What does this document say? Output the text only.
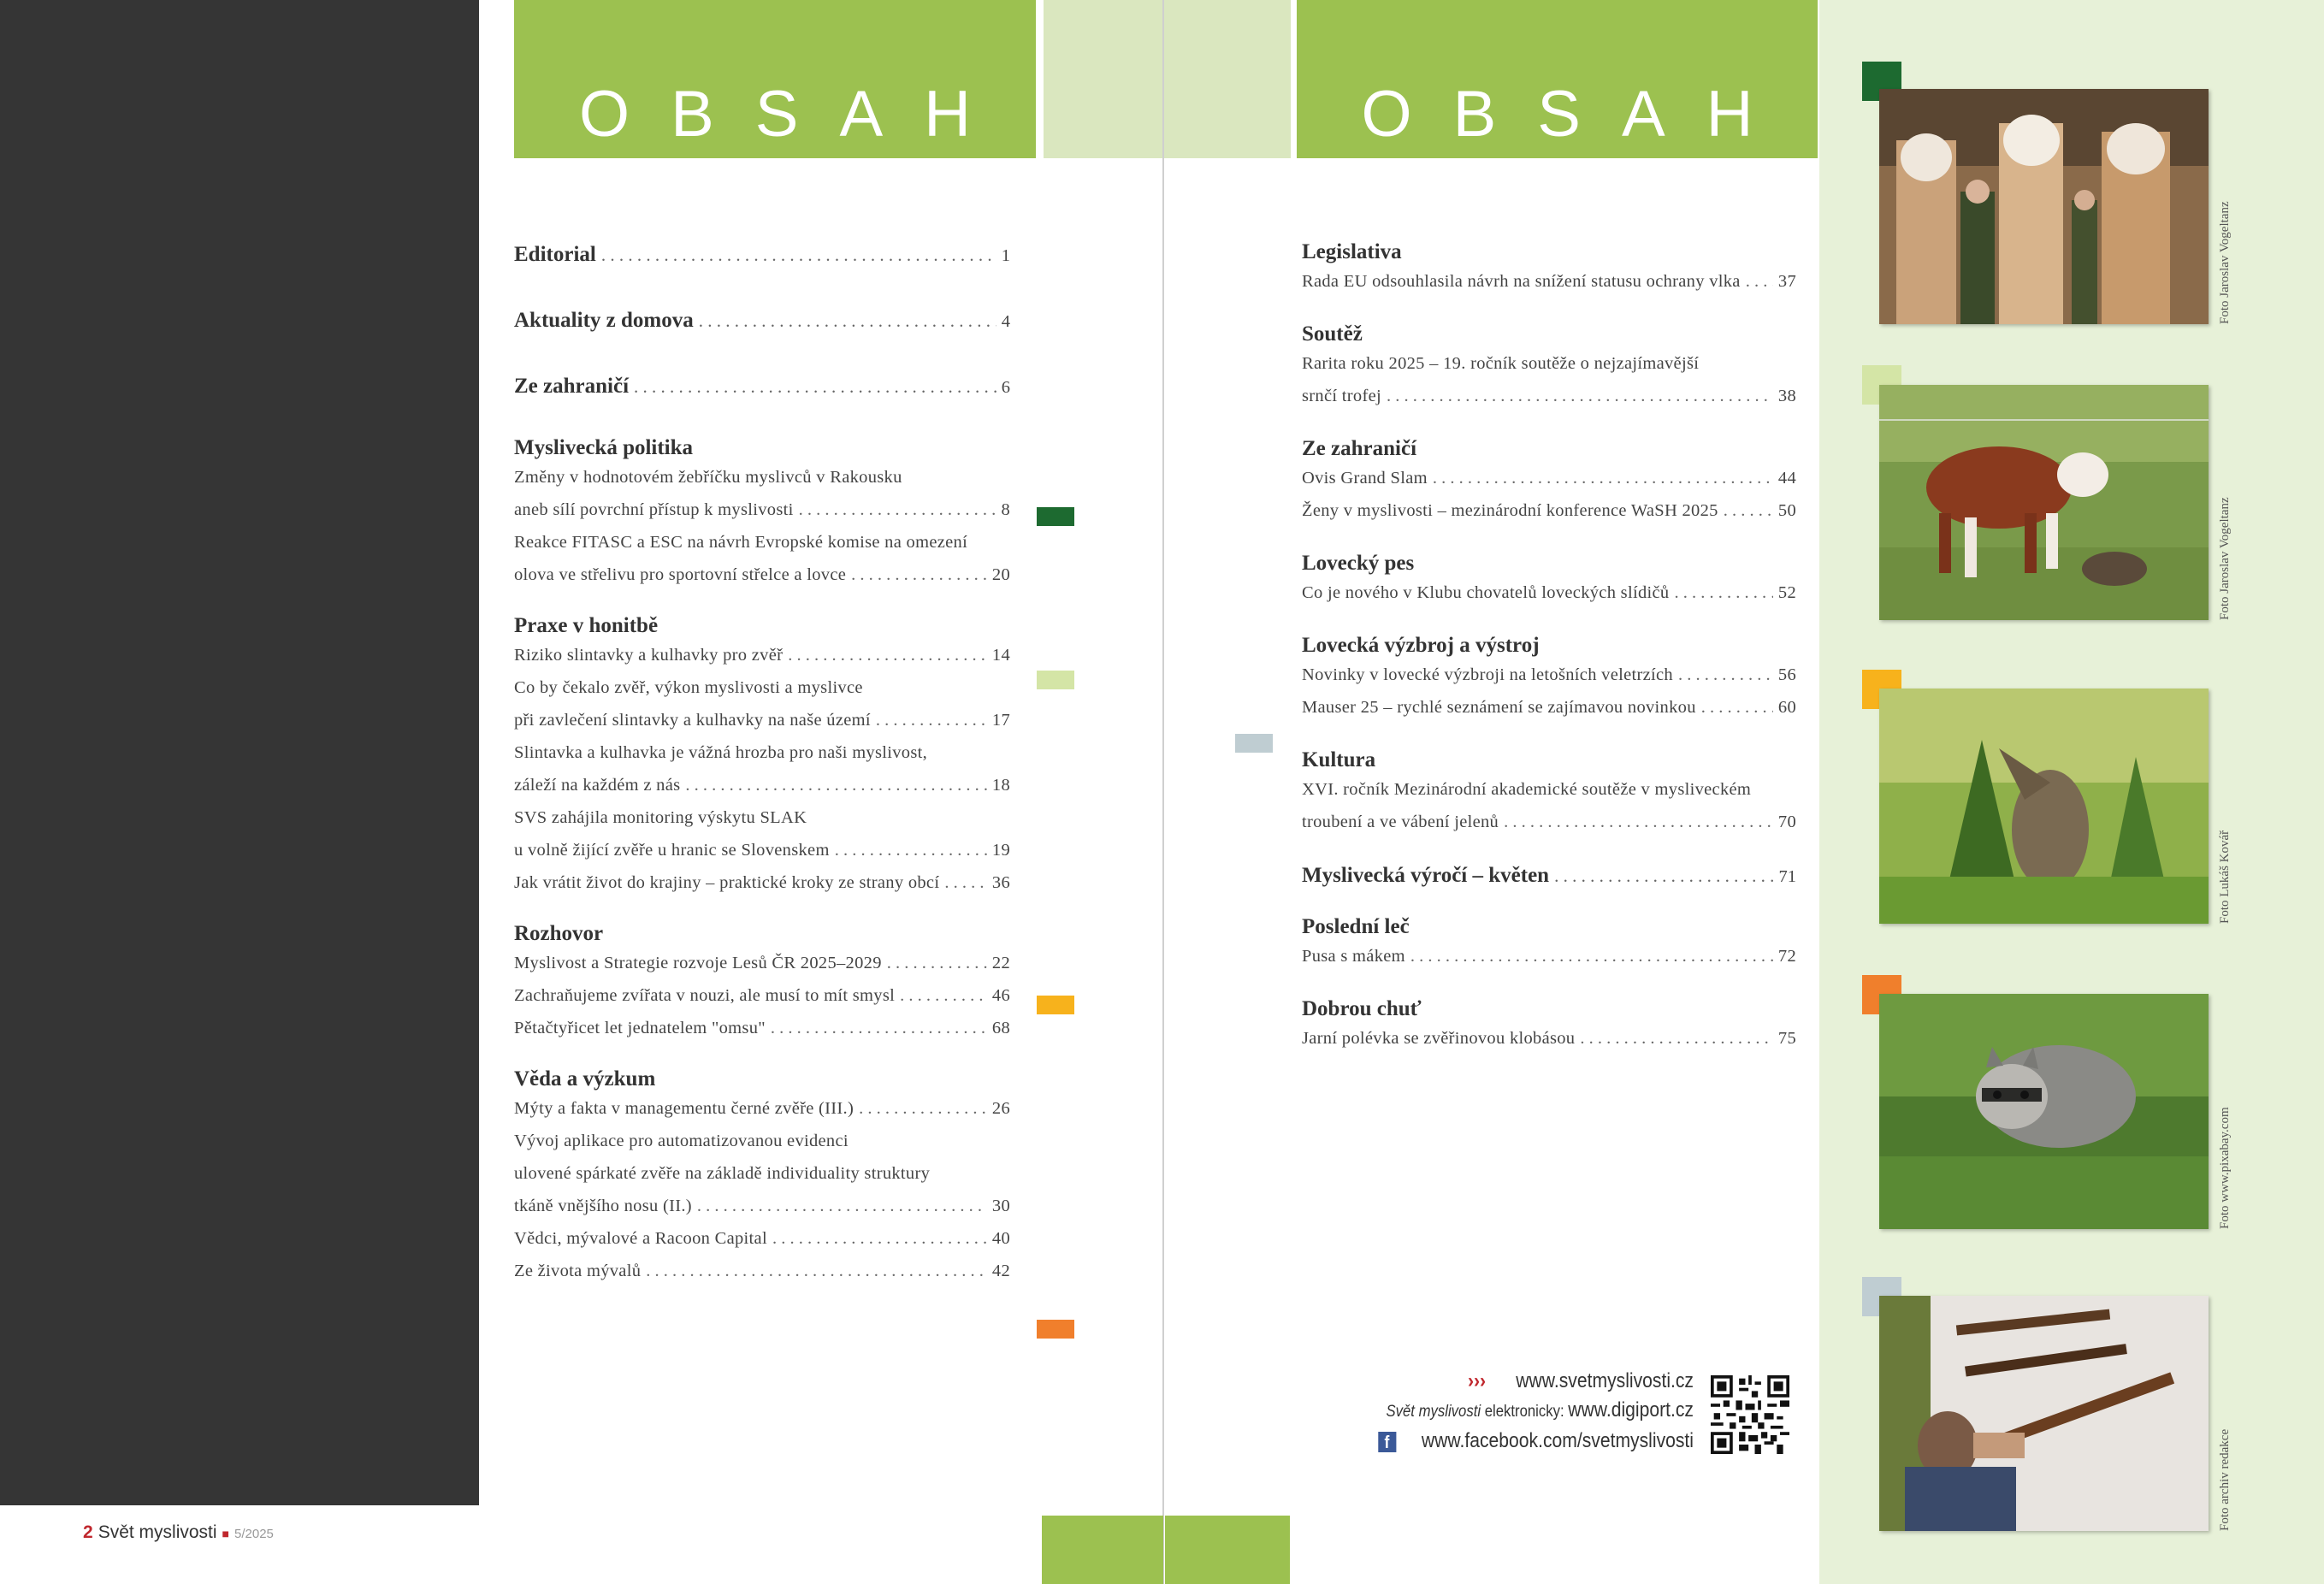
2 Svět myslivosti ■ 5/2025
OBSAH	OBSAH
Editorial . . .	1
Aktuality z domova . . .	4
Ze zahraničí . . .	6
Myslivecká politika
Změny v hodnotovém žebříčku myslivců v Rakousku
aneb sílí povrchní přístup k myslivosti . . .	8
Reakce FITASC a ESC na návrh Evropské komise na omezení
olova ve střelivu pro sportovní střelce a lovce . . .	20
Praxe v honitbě
Riziko slintavky a kulhavky pro zvěř . . .	14
Co by čekalo zvěř, výkon myslivosti a myslivce
při zavlečení slintavky a kulhavky na naše území . . .	17
Slintavka a kulhavka je vážná hrozba pro naši myslivost,
záleží na každém z nás . . .	18
SVS zahájila monitoring výskytu SLAK
u volně žijící zvěře u hranic se Slovenskem . . .	19
Jak vrátit život do krajiny – praktické kroky ze strany obcí . . .	36
Rozhovor
Myslivost a Strategie rozvoje Lesů ČR 2025–2029 . . .	22
Zachraňujeme zvířata v nouzi, ale musí to mít smysl . . .	46
Pětačtyřicet let jednatelem "omsu" . . .	68
Věda a výzkum
Mýty a fakta v managementu černé zvěře (III.) . . .	26
Vývoj aplikace pro automatizovanou evidenci
ulovené spárkaté zvěře na základě individuality struktury
tkáně vnějšího nosu (II.) . . .	30
Vědci, mývalové a Racoon Capital . . .	40
Ze života mývalů . . .	42
Legislativa
Rada EU odsouhlasila návrh na snížení statusu ochrany vlka . . . 37
Soutěž
Rarita roku 2025 – 19. ročník soutěže o nejzajímavější
srnčí trofej . . .	38
Ze zahraničí
Ovis Grand Slam . . .	44
Ženy v myslivosti – mezinárodní konference WaSH 2025 . . .	50
Lovecký pes
Co je nového v Klubu chovatelů loveckých slídičů . . .	52
Lovecká výzbroj a výstroj
Novinky v lovecké výzbroji na letošních veletrzích . . .	56
Mauser 25 – rychlé seznámení se zajímavou novinkou . . .	60
Kultura
XVI. ročník Mezinárodní akademické soutěže v mysliveckém
troubení a ve vábení jelenů . . .	70
Myslivecká výročí – květen . . .	71
Poslední leč
Pusa s mákem . . .	72
Dobrou chuť
Jarní polévka se zvěřinovou klobásou . . .	75
››› www.svetmyslivosti.cz
Svět myslivosti elektronicky: www.digiport.cz
f www.facebook.com/svetmyslivosti
Foto Jaroslav Vogeltanz
Foto Jaroslav Vogeltanz
Foto Lukáš Kovář
Foto www.pixabay.com
Foto archiv redakce
